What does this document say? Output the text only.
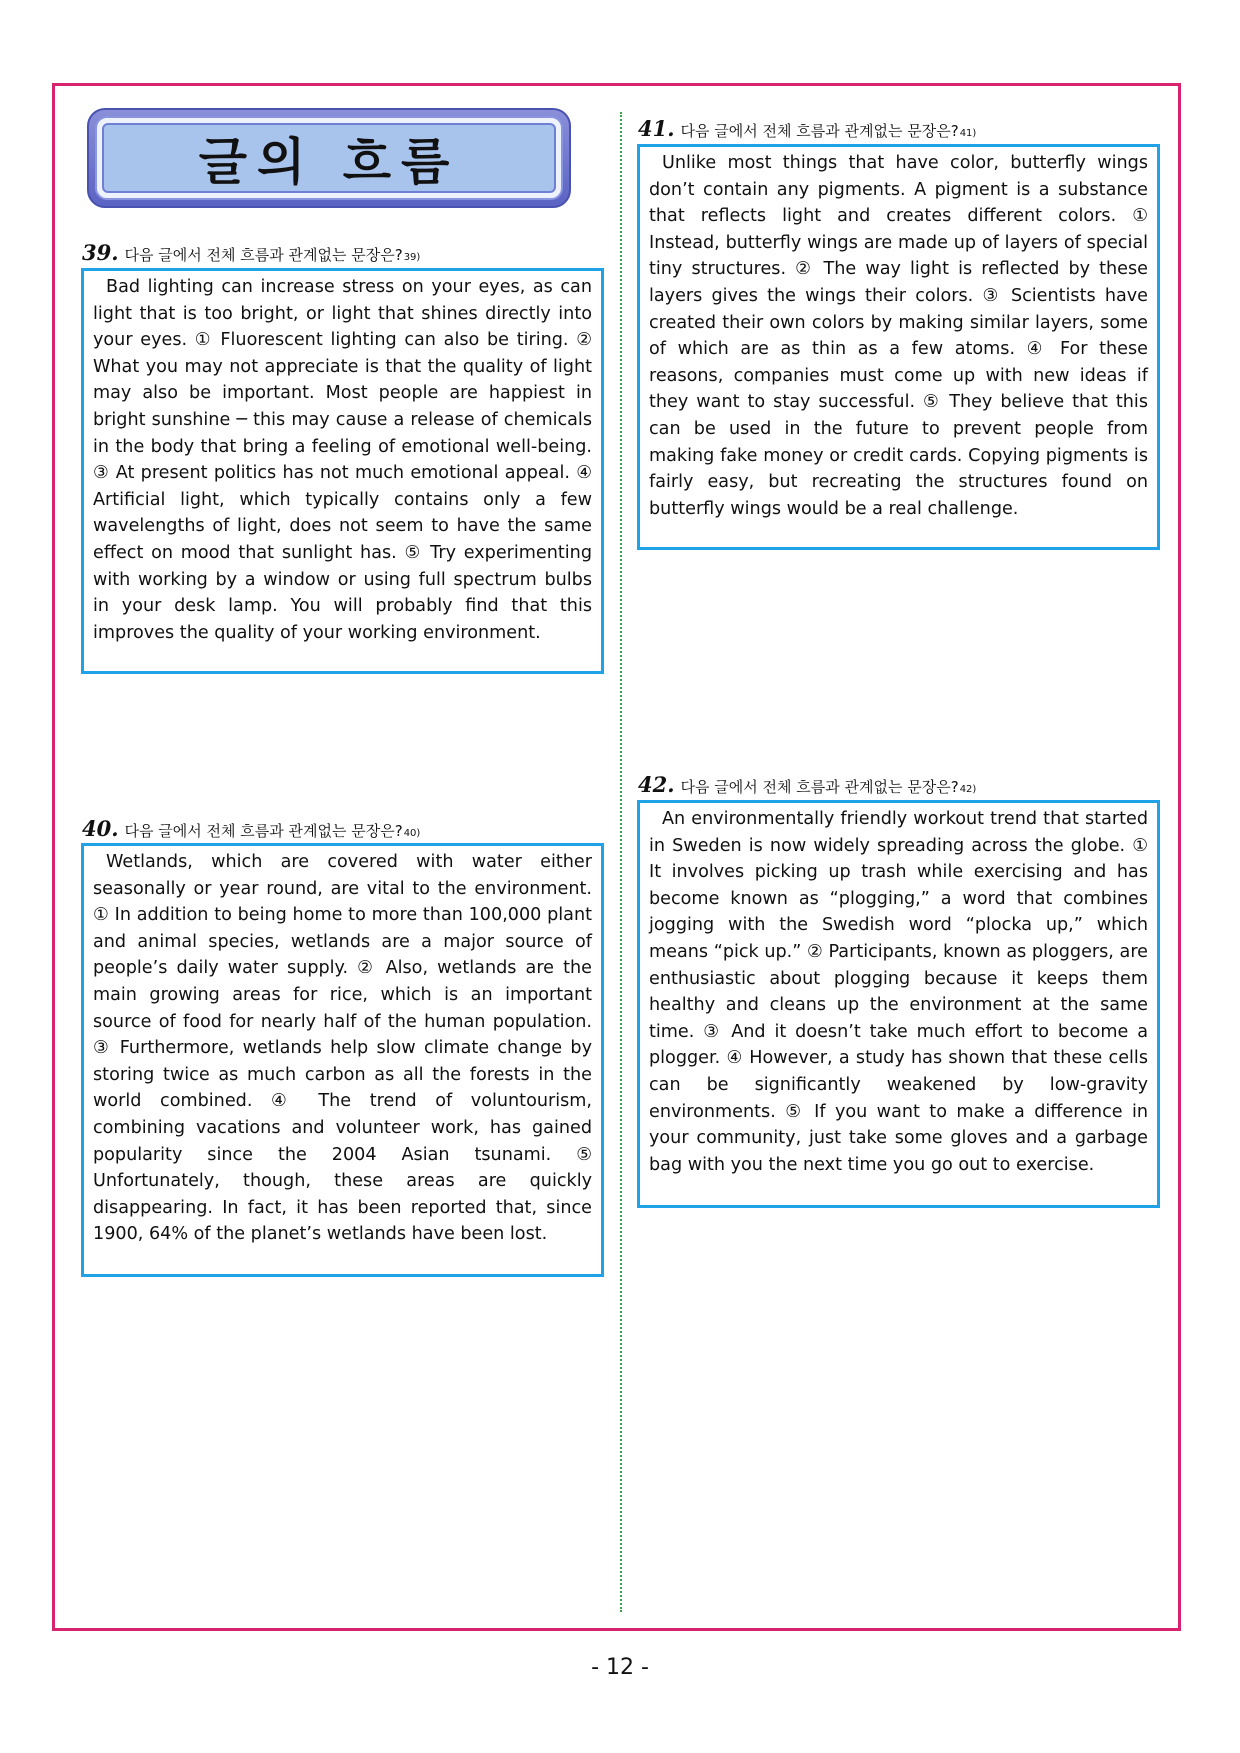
글의 흐름
39. 다음 글에서 전체 흐름과 관계없는 문장은? 39)

Bad lighting can increase stress on your eyes, as can light that is too bright, or light that shines directly into your eyes. ① Fluorescent lighting can also be tiring. ② What you may not appreciate is that the quality of light may also be important. Most people are happiest in bright sunshine ─ this may cause a release of chemicals in the body that bring a feeling of emotional well-being. ③ At present politics has not much emotional appeal. ④ Artificial light, which typically contains only a few wavelengths of light, does not seem to have the same effect on mood that sunlight has. ⑤ Try experimenting with working by a window or using full spectrum bulbs in your desk lamp. You will probably find that this improves the quality of your working environment.

40. 다음 글에서 전체 흐름과 관계없는 문장은? 40)

Wetlands, which are covered with water either seasonally or year round, are vital to the environment. ① In addition to being home to more than 100,000 plant and animal species, wetlands are a major source of people’s daily water supply. ② Also, wetlands are the main growing areas for rice, which is an important source of food for nearly half of the human population. ③ Furthermore, wetlands help slow climate change by storing twice as much carbon as all the forests in the world combined. ④ The trend of voluntourism, combining vacations and volunteer work, has gained popularity since the 2004 Asian tsunami. ⑤ Unfortunately, though, these areas are quickly disappearing. In fact, it has been reported that, since 1900, 64% of the planet’s wetlands have been lost.

41. 다음 글에서 전체 흐름과 관계없는 문장은? 41)

Unlike most things that have color, butterfly wings don’t contain any pigments. A pigment is a substance that reflects light and creates different colors. ① Instead, butterfly wings are made up of layers of special tiny structures. ② The way light is reflected by these layers gives the wings their colors. ③ Scientists have created their own colors by making similar layers, some of which are as thin as a few atoms. ④ For these reasons, companies must come up with new ideas if they want to stay successful. ⑤ They believe that this can be used in the future to prevent people from making fake money or credit cards. Copying pigments is fairly easy, but recreating the structures found on butterfly wings would be a real challenge.

42. 다음 글에서 전체 흐름과 관계없는 문장은? 42)

An environmentally friendly workout trend that started in Sweden is now widely spreading across the globe. ① It involves picking up trash while exercising and has become known as “plogging,” a word that combines jogging with the Swedish word “plocka up,” which means “pick up.” ② Participants, known as ploggers, are enthusiastic about plogging because it keeps them healthy and cleans up the environment at the same time. ③ And it doesn’t take much effort to become a plogger. ④ However, a study has shown that these cells can be significantly weakened by low-gravity environments. ⑤ If you want to make a difference in your community, just take some gloves and a garbage bag with you the next time you go out to exercise.

- 12 -
